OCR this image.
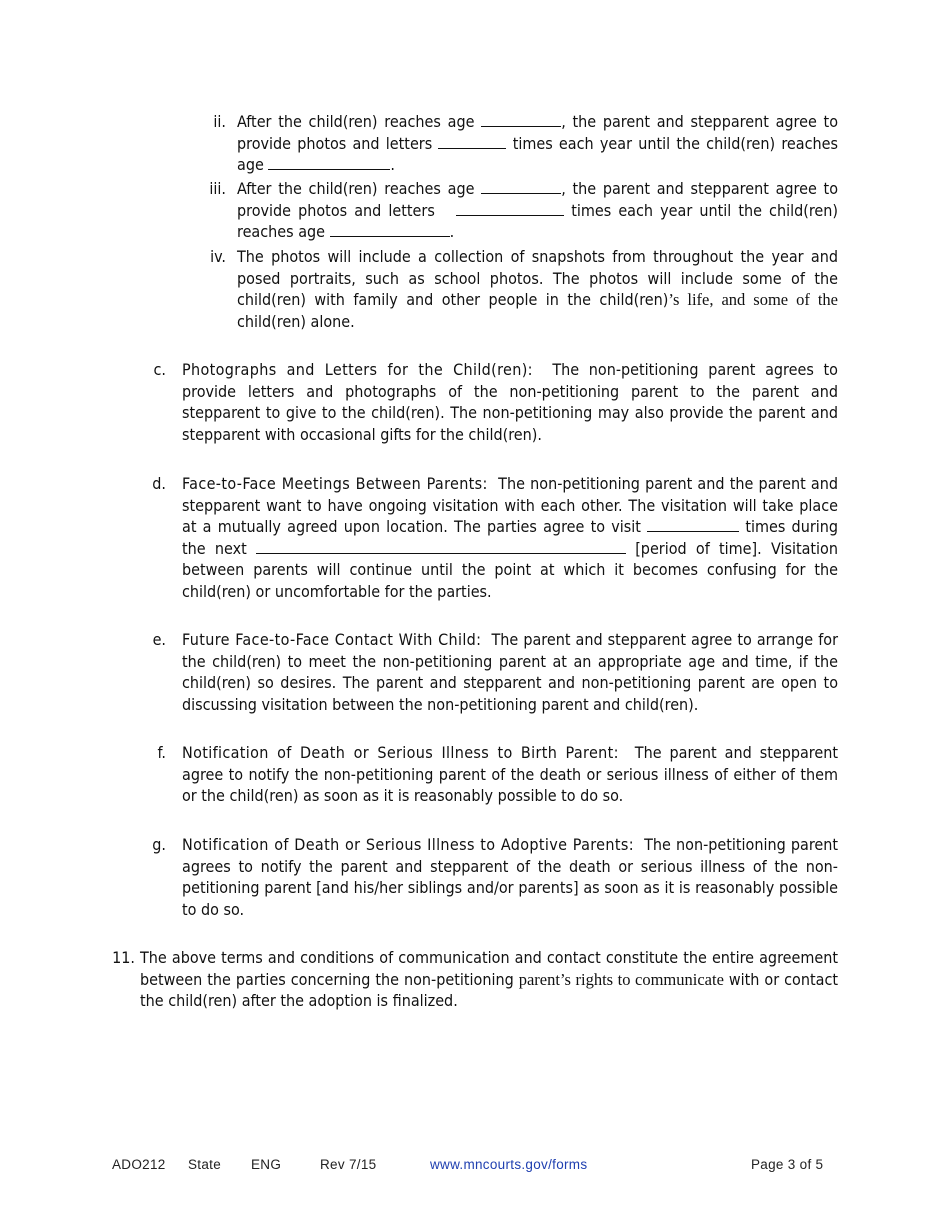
ii. After the child(ren) reaches age	, the parent and stepparent agree to provide photos and letters	times each year until the child(ren) reaches age	.
iii. After the child(ren) reaches age	, the parent and stepparent agree to provide photos and letters	times each year until the child(ren) reaches age	.
iv. The photos will include a collection of snapshots from throughout the year and posed portraits, such as school photos. The photos will include some of the child(ren) with family and other people in the child(ren)’s life, and some of the child(ren) alone.
c. Photographs and Letters for the Child(ren): The non-petitioning parent agrees to provide letters and photographs of the non-petitioning parent to the parent and stepparent to give to the child(ren). The non-petitioning may also provide the parent and stepparent with occasional gifts for the child(ren).
d. Face-to-Face Meetings Between Parents: The non-petitioning parent and the parent and stepparent want to have ongoing visitation with each other. The visitation will take place at a mutually agreed upon location. The parties agree to visit	times during the next	[period of time]. Visitation between parents will continue until the point at which it becomes confusing for the child(ren) or uncomfortable for the parties.
e. Future Face-to-Face Contact With Child: The parent and stepparent agree to arrange for the child(ren) to meet the non-petitioning parent at an appropriate age and time, if the child(ren) so desires. The parent and stepparent and non-petitioning parent are open to discussing visitation between the non-petitioning parent and child(ren).
f. Notification of Death or Serious Illness to Birth Parent: The parent and stepparent agree to notify the non-petitioning parent of the death or serious illness of either of them or the child(ren) as soon as it is reasonably possible to do so.
g. Notification of Death or Serious Illness to Adoptive Parents: The non-petitioning parent agrees to notify the parent and stepparent of the death or serious illness of the non-petitioning parent [and his/her siblings and/or parents] as soon as it is reasonably possible to do so.
11. The above terms and conditions of communication and contact constitute the entire agreement between the parties concerning the non-petitioning parent’s rights to communicate with or contact the child(ren) after the adoption is finalized.
ADO212 State ENG	Rev 7/15	www.mncourts.gov/forms	Page 3 of 5
